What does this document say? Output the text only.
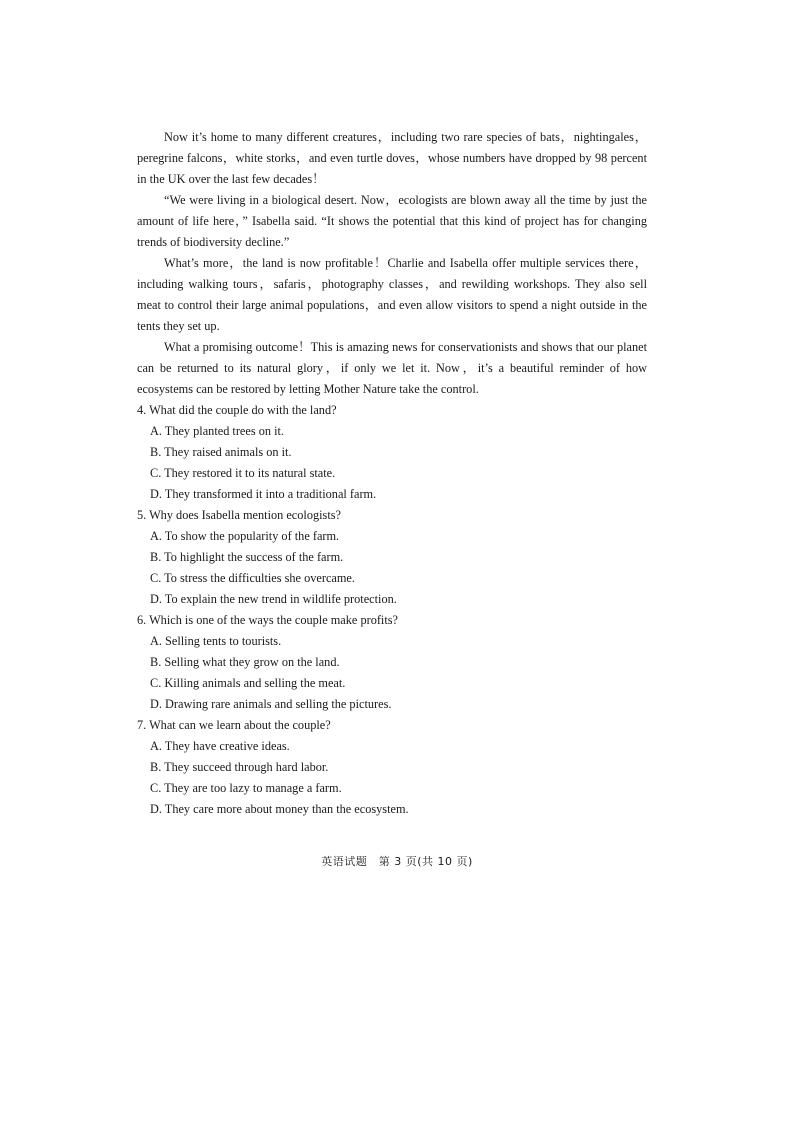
Now it’s home to many different creatures，including two rare species of bats，nightingales，peregrine falcons，white storks，and even turtle doves，whose numbers have dropped by 98 percent in the UK over the last few decades！

“We were living in a biological desert. Now，ecologists are blown away all the time by just the amount of life here，” Isabella said. “It shows the potential that this kind of project has for changing trends of biodiversity decline.”

What’s more，the land is now profitable！Charlie and Isabella offer multiple services there，including walking tours，safaris，photography classes，and rewilding workshops. They also sell meat to control their large animal populations，and even allow visitors to spend a night outside in the tents they set up.

What a promising outcome！This is amazing news for conservationists and shows that our planet can be returned to its natural glory，if only we let it. Now，it’s a beautiful reminder of how ecosystems can be restored by letting Mother Nature take the control.

4. What did the couple do with the land?

A. They planted trees on it.

B. They raised animals on it.

C. They restored it to its natural state.

D. They transformed it into a traditional farm.

5. Why does Isabella mention ecologists?

A. To show the popularity of the farm.

B. To highlight the success of the farm.

C. To stress the difficulties she overcame.

D. To explain the new trend in wildlife protection.

6. Which is one of the ways the couple make profits?

A. Selling tents to tourists.

B. Selling what they grow on the land.

C. Killing animals and selling the meat.

D. Drawing rare animals and selling the pictures.

7. What can we learn about the couple?

A. They have creative ideas.

B. They succeed through hard labor.

C. They are too lazy to manage a farm.

D. They care more about money than the ecosystem.

英语试题　第 3 页(共 10 页)
